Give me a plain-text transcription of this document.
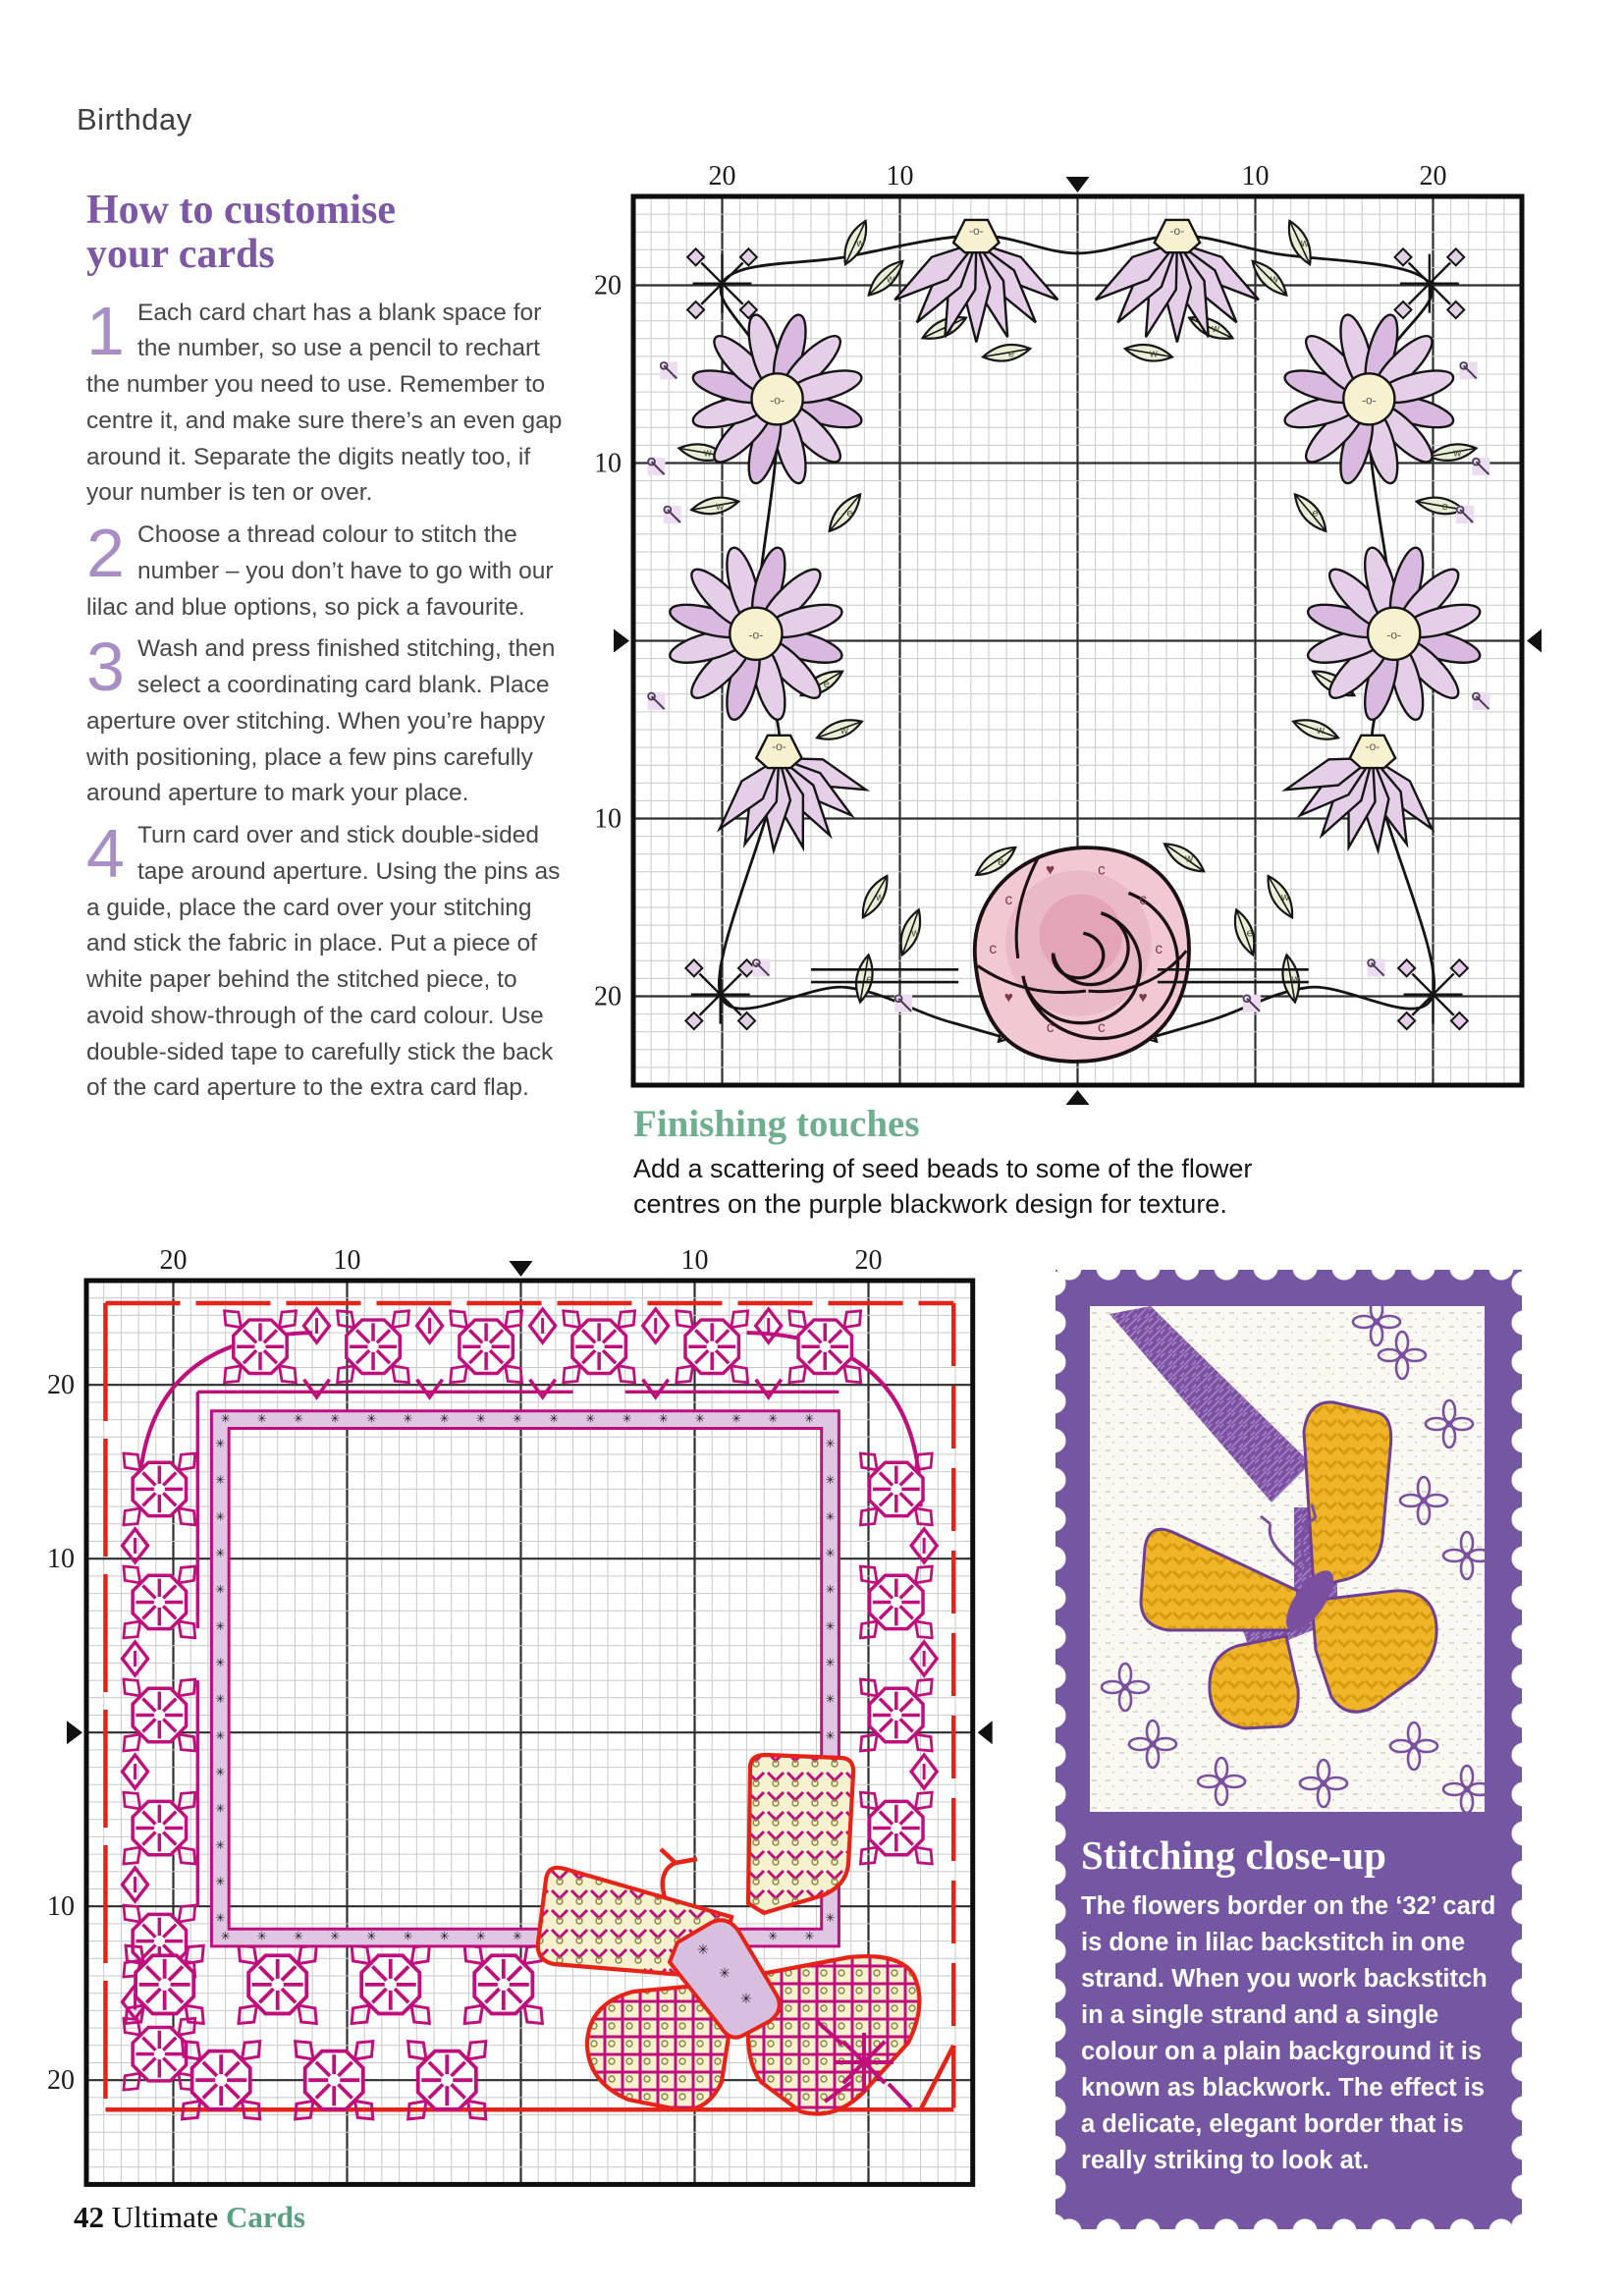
Birthday
How to customise
your cards
1 Each card chart has a blank space for the number, so use a pencil to rechart the number you need to use. Remember to centre it, and make sure there’s an even gap around it. Separate the digits neatly too, if your number is ten or over.

2 Choose a thread colour to stitch the number – you don’t have to go with our lilac and blue options, so pick a favourite.

3 Wash and press finished stitching, then select a coordinating card blank. Place aperture over stitching. When you’re happy with positioning, place a few pins carefully around aperture to mark your place.

4 Turn card over and stick double-sided tape around aperture. Using the pins as a guide, place the card over your stitching and stick the fabric in place. Put a piece of white paper behind the stitched piece, to avoid show-through of the card colour. Use double-sided tape to carefully stick the back of the card aperture to the extra card flap.

20	10	10	20
20
10
10
20
w
w
e
w
w
w
w
w
w
e
e
w
w
e
e
w
w
w
e
e
w
e
w
w
-o-	-o-
-o-	-o-
-o-	-o-
-o-	-o-
c
♥
c
c
♥
c
c
♥	c
c
Finishing touches

Add a scattering of seed beads to some of the flower centres on the purple blackwork design for texture.

20	10	10	20
20
10
10
20
✳
✳
✳
✳
✳
✳
✳
✳
✳
✳
✳
✳
✳
✳
✳
✳
✳
✳
✳ ✳ ✳ ✳ ✳ ✳ ✳
✳
✳
✳
✳	✳
✳	✳
✳	✳
✳	✳
✳	✳
✳	✳
✳	✳
✳	✳
✳	✳
✳
✳
✳
✳
✳	✳
✳
✳
✳
Stitching close-up

The flowers border on the ‘32’ card is done in lilac backstitch in one strand. When you work backstitch in a single strand and a single colour on a plain background it is known as blackwork. The effect is a delicate, elegant border that is really striking to look at.

42 Ultimate Cards
